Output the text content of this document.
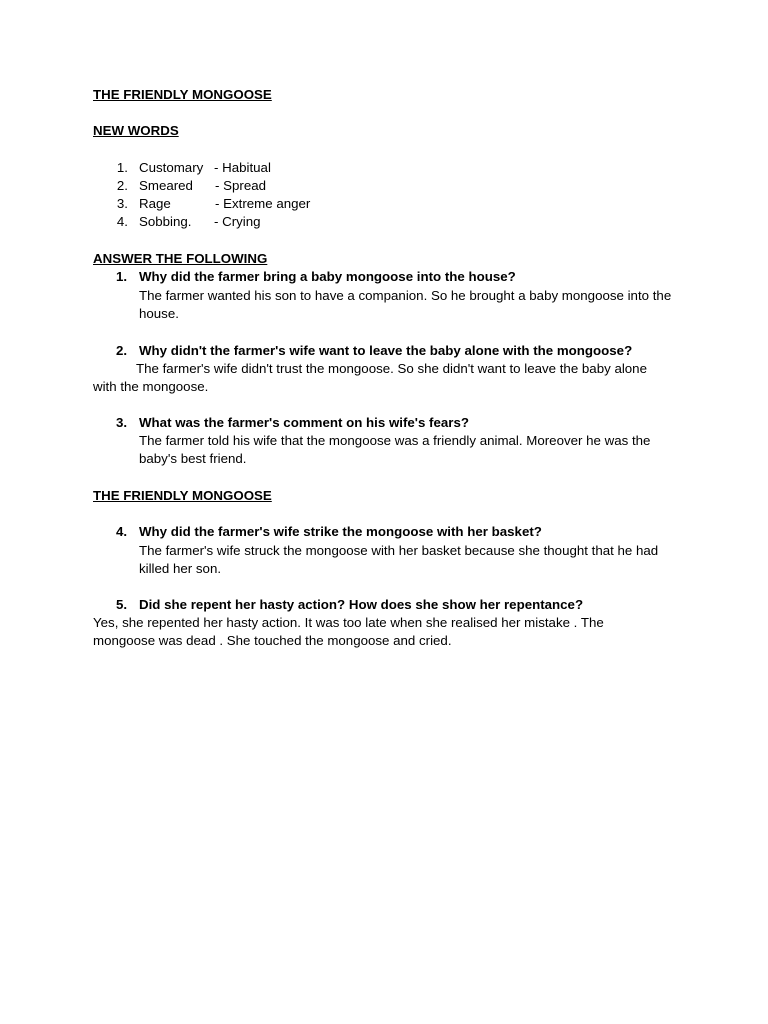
THE FRIENDLY MONGOOSE
NEW WORDS
1. Customary - Habitual
2. Smeared - Spread
3. Rage	- Extreme anger
4. Sobbing. - Crying
ANSWER THE FOLLOWING
1. Why did the farmer bring a baby mongoose into the house?
The farmer wanted his son to have a companion. So he brought a baby mongoose into the house.
2. Why didn't the farmer's wife want to leave the baby alone with the mongoose?
The farmer's wife didn't trust the mongoose. So she didn't want to leave the baby alone with the mongoose.
3. What was the farmer's comment on his wife's fears?
The farmer told his wife that the mongoose was a friendly animal. Moreover he was the baby's best friend.
THE FRIENDLY MONGOOSE
4. Why did the farmer's wife strike the mongoose with her basket?
The farmer's wife struck the mongoose with her basket because she thought that he had killed her son.
5. Did she repent her hasty action? How does she show her repentance?
Yes, she repented her hasty action. It was too late when she realised her mistake . The mongoose was dead . She touched the mongoose and cried.
